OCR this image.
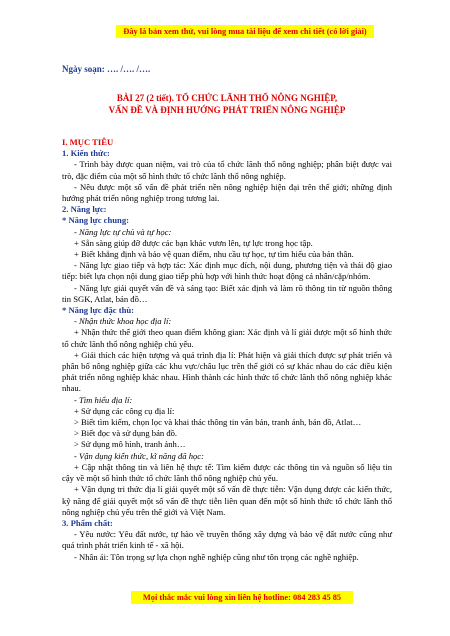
Đây là bản xem thử, vui lòng mua tài liệu để xem chi tiết (có lời giải)
Ngày soạn: …. /…. /….
BÀI 27 (2 tiết). TỔ CHỨC LÃNH THỔ NÔNG NGHIỆP,
VẤN ĐỀ VÀ ĐỊNH HƯỚNG PHÁT TRIỂN NÔNG NGHIỆP
I. MỤC TIÊU
1. Kiến thức:
- Trình bày được quan niệm, vai trò của tổ chức lãnh thổ nông nghiệp; phân biệt được vai trò, đặc điểm của một số hình thức tổ chức lãnh thổ nông nghiệp.
- Nêu được một số vấn đề phát triển nền nông nghiệp hiện đại trên thế giới; những định hướng phát triển nông nghiệp trong tương lai.
2. Năng lực:
* Năng lực chung:
- Năng lực tự chủ và tự học:
+ Sẵn sàng giúp đỡ được các bạn khác vươn lên, tự lực trong học tập.
+ Biết khẳng định và bảo vệ quan điểm, nhu cầu tự học, tự tìm hiểu của bản thân.
- Năng lực giao tiếp và hợp tác: Xác định mục đích, nội dung, phương tiện và thái độ giao tiếp: biết lựa chọn nội dung giao tiếp phù hợp với hình thức hoạt động cá nhân/cặp/nhóm.
- Năng lực giải quyết vấn đề và sáng tạo: Biết xác định và làm rõ thông tin từ nguồn thông tin SGK, Atlat, bản đồ…
* Năng lực đặc thù:
- Nhận thức khoa học địa lí:
+ Nhận thức thế giới theo quan điểm không gian: Xác định và lí giải được một số hình thức tổ chức lãnh thổ nông nghiệp chủ yếu.
+ Giải thích các hiện tượng và quá trình địa lí: Phát hiện và giải thích được sự phát triển và phân bố nông nghiệp giữa các khu vực/châu lục trên thế giới có sự khác nhau do các điều kiện phát triển nông nghiệp khác nhau. Hình thành các hình thức tổ chức lãnh thổ nông nghiệp khác nhau.
- Tìm hiểu địa lí:
+ Sử dụng các công cụ địa lí:
> Biết tìm kiếm, chọn lọc và khai thác thông tin văn bản, tranh ảnh, bản đồ, Atlat…
> Biết đọc và sử dụng bản đồ.
> Sử dụng mô hình, tranh ảnh…
- Vận dụng kiến thức, kĩ năng đã học:
+ Cập nhật thông tin và liên hệ thực tế: Tìm kiếm được các thông tin và nguồn số liệu tin cậy về một số hình thức tổ chức lãnh thổ nông nghiệp chủ yếu.
+ Vận dụng tri thức địa lí giải quyết một số vấn đề thực tiễn: Vận dụng được các kiến thức, kỹ năng để giải quyết một số vấn đề thực tiễn liên quan đến một số hình thức tổ chức lãnh thổ nông nghiệp chủ yếu trên thế giới và Việt Nam.
3. Phẩm chất:
- Yêu nước: Yêu đất nước, tự hào về truyền thống xây dựng và bảo vệ đất nước cũng như quá trình phát triển kinh tế - xã hội.
- Nhân ái: Tôn trọng sự lựa chọn nghề nghiệp cũng như tôn trọng các nghề nghiệp.
Mọi thắc mắc vui lòng xin liên hệ hotline: 084 283 45 85
